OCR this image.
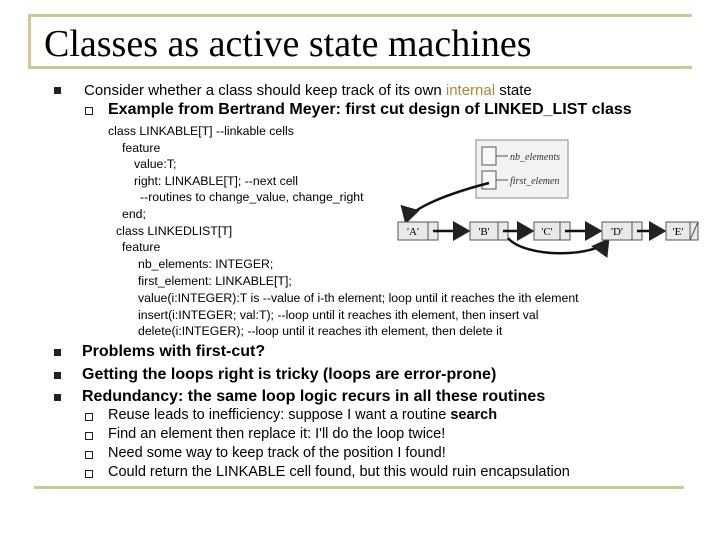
Classes as active state machines
Consider whether a class should keep track of its own internal state
Example from Bertrand Meyer: first cut design of LINKED_LIST class
class LINKABLE[T] ‐‐linkable cells
feature
value:T;
right: LINKABLE[T]; ‐‐next cell
‐‐routines to change_value, change_right
end;
class LINKEDLIST[T]
feature
nb_elements: INTEGER;
first_element: LINKABLE[T];
value(i:INTEGER):T is ‐‐value of i‐th element; loop until it reaches the ith element
insert(i:INTEGER; val:T); ‐‐loop until it reaches ith element, then insert val
delete(i:INTEGER); ‐‐loop until it reaches ith element, then delete it
nb_elements
first_elemen
'A'	'B'	'C'	'D'	'E'
Problems with first‐cut?
Getting the loops right is tricky (loops are error‐prone)
Redundancy: the same loop logic recurs in all these routines
Reuse leads to inefficiency: suppose I want a routine search
Find an element then replace it: I'll do the loop twice!
Need some way to keep track of the position I found!
Could return the LINKABLE cell found, but this would ruin encapsulation
